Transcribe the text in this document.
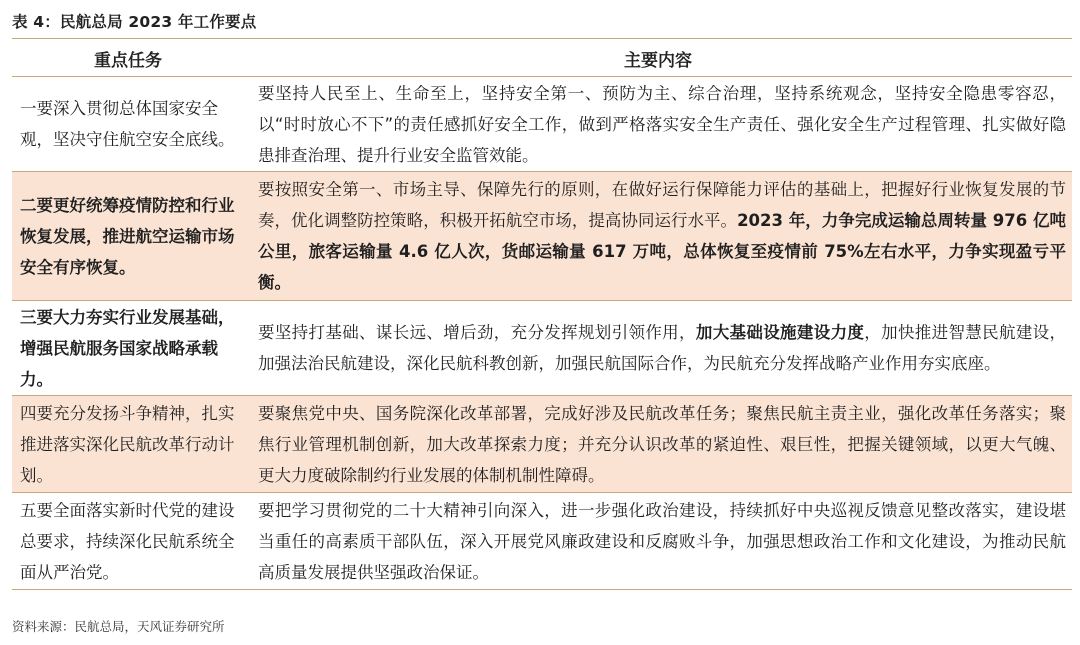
表 4：民航总局 2023 年工作要点
重点任务	主要内容
一要深入贯彻总体国家安全观，坚决守住航空安全底线。	要坚持人民至上、生命至上，坚持安全第一、预防为主、综合治理，坚持系统观念，坚持安全隐患零容忍，以“时时放心不下”的责任感抓好安全工作，做到严格落实安全生产责任、强化安全生产过程管理、扎实做好隐患排查治理、提升行业安全监管效能。
二要更好统筹疫情防控和行业恢复发展，推进航空运输市场安全有序恢复。	要按照安全第一、市场主导、保障先行的原则，在做好运行保障能力评估的基础上，把握好行业恢复发展的节奏，优化调整防控策略，积极开拓航空市场，提高协同运行水平。2023 年，力争完成运输总周转量 976 亿吨公里，旅客运输量 4.6 亿人次，货邮运输量 617 万吨，总体恢复至疫情前 75%左右水平，力争实现盈亏平衡。
三要大力夯实行业发展基础，增强民航服务国家战略承载力。	要坚持打基础、谋长远、增后劲，充分发挥规划引领作用，加大基础设施建设力度，加快推进智慧民航建设，加强法治民航建设，深化民航科教创新，加强民航国际合作，为民航充分发挥战略产业作用夯实底座。
四要充分发扬斗争精神，扎实推进落实深化民航改革行动计划。	要聚焦党中央、国务院深化改革部署，完成好涉及民航改革任务；聚焦民航主责主业，强化改革任务落实；聚焦行业管理机制创新，加大改革探索力度；并充分认识改革的紧迫性、艰巨性，把握关键领域，以更大气魄、更大力度破除制约行业发展的体制机制性障碍。
五要全面落实新时代党的建设总要求，持续深化民航系统全面从严治党。	要把学习贯彻党的二十大精神引向深入，进一步强化政治建设，持续抓好中央巡视反馈意见整改落实，建设堪当重任的高素质干部队伍，深入开展党风廉政建设和反腐败斗争，加强思想政治工作和文化建设，为推动民航高质量发展提供坚强政治保证。
资料来源：民航总局，天风证券研究所
